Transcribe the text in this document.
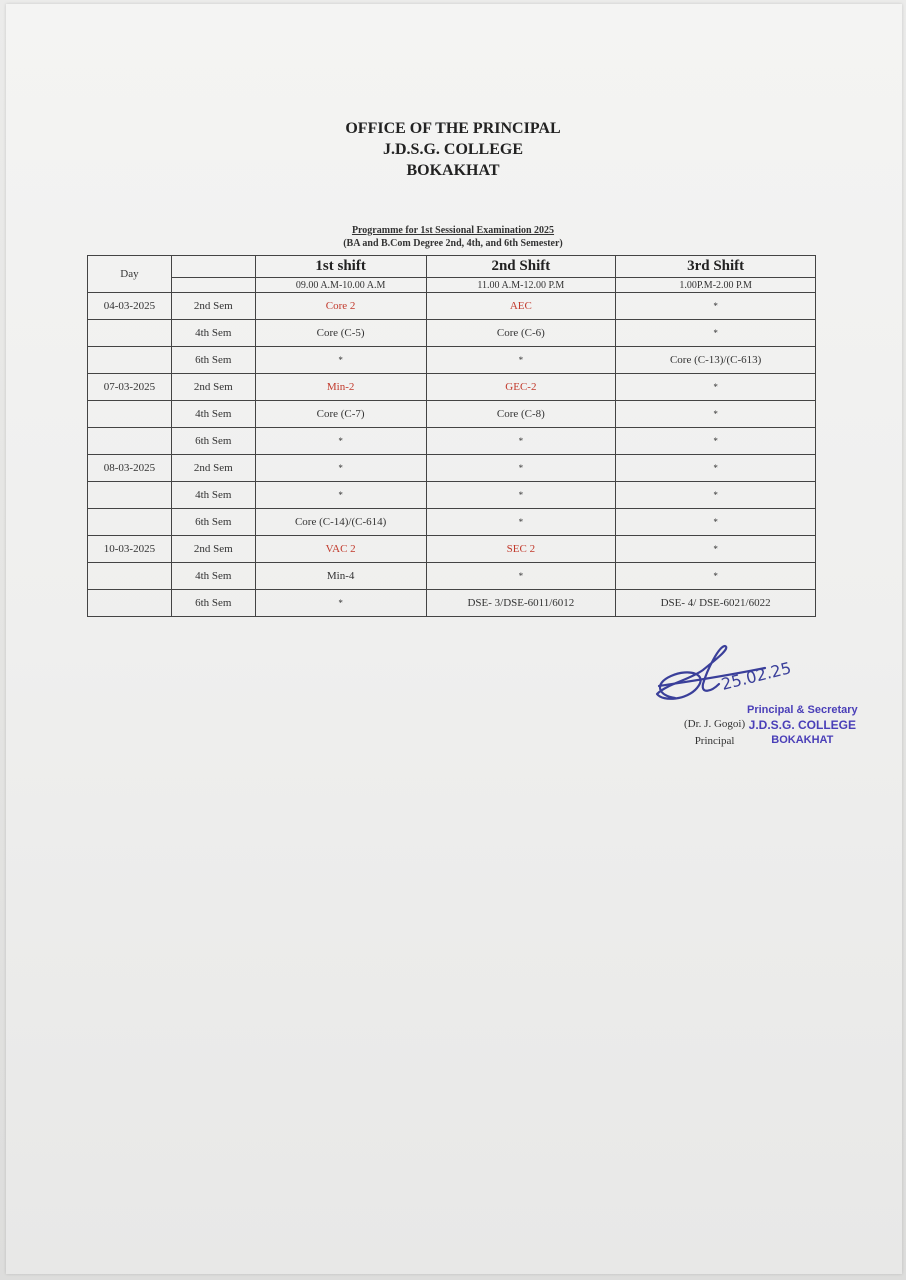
OFFICE OF THE PRINCIPAL
J.D.S.G. COLLEGE
BOKAKHAT
Programme for 1st Sessional Examination 2025
(BA and B.Com Degree 2nd, 4th, and 6th Semester)
Day		1st shift	2nd Shift	3rd Shift
		09.00 A.M-10.00 A.M	11.00 A.M-12.00 P.M	1.00P.M-2.00 P.M
04-03-2025	2nd Sem	Core 2	AEC	*
	4th Sem	Core (C-5)	Core (C-6)	*
	6th Sem	*	*	Core (C-13)/(C-613)
07-03-2025	2nd Sem	Min-2	GEC-2	*
	4th Sem	Core (C-7)	Core (C-8)	*
	6th Sem	*	*	*
08-03-2025	2nd Sem	*	*	*
	4th Sem	*	*	*
	6th Sem	Core (C-14)/(C-614)	*	*
10-03-2025	2nd Sem	VAC 2	SEC 2	*
	4th Sem	Min-4	*	*
	6th Sem	*	DSE- 3/DSE-6011/6012	DSE- 4/ DSE-6021/6022
25.02.25
(Dr. J. Gogoi)
Principal
Principal & Secretary
J.D.S.G. COLLEGE
BOKAKHAT
